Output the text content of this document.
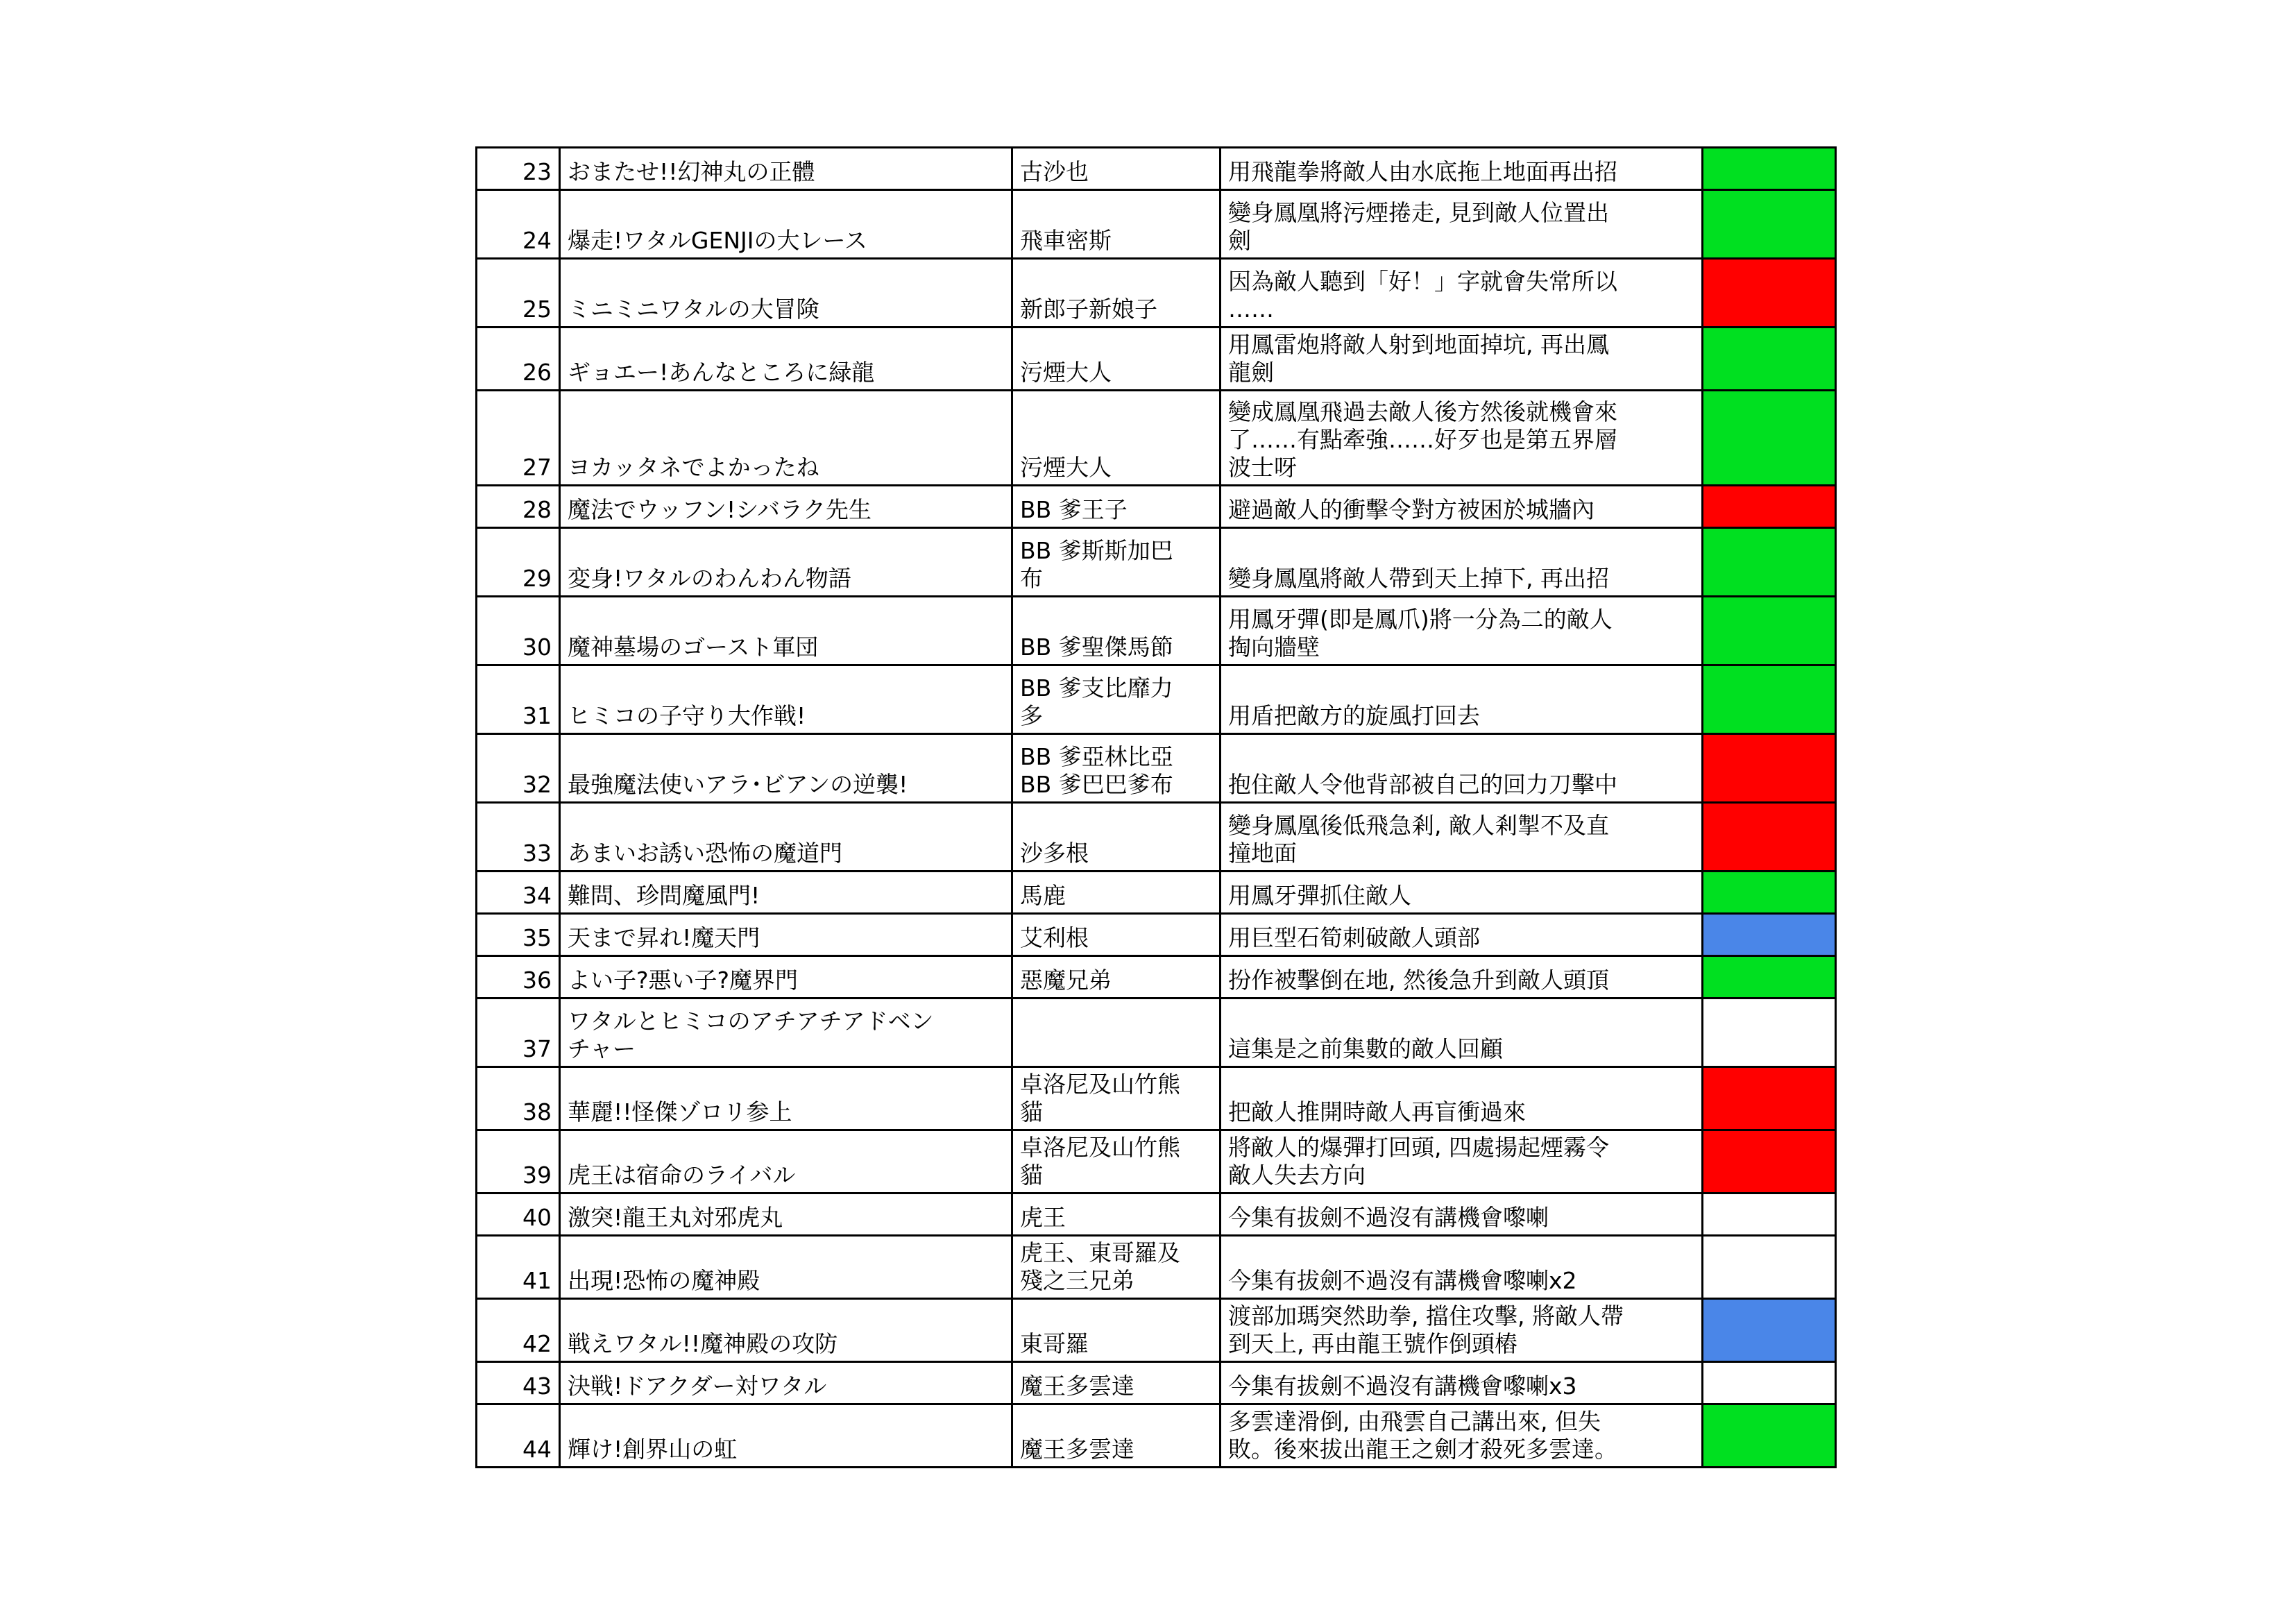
23	おまたせ!!幻神丸の正體	古沙也	用飛龍拳將敵人由水底拖上地面再出招	
24	爆走!ワタルGENJIの大レース	飛車密斯	變身鳳凰將污煙捲走, 見到敵人位置出
劍	
25	ミニミニワタルの大冒険	新郎子新娘子	因為敵人聽到「好！」字就會失常所以
……	
26	ギョエー!あんなところに緑龍	污煙大人	用鳳雷炮將敵人射到地面掉坑, 再出鳳
龍劍	
27	ヨカッタネでよかったね	污煙大人	變成鳳凰飛過去敵人後方然後就機會來
了……有點牽強……好歹也是第五界層
波士呀	
28	魔法でウッフン!シバラク先生	BB 爹王子	避過敵人的衝擊令對方被困於城牆內	
29	変身!ワタルのわんわん物語	BB 爹斯斯加巴
布	變身鳳凰將敵人帶到天上掉下, 再出招	
30	魔神墓場のゴースト軍団	BB 爹聖傑馬節	用鳳牙彈(即是鳳爪)將一分為二的敵人
掏向牆壁	
31	ヒミコの子守り大作戦!	BB 爹支比靡力
多	用盾把敵方的旋風打回去	
32	最強魔法使いアラ･ビアンの逆襲!	BB 爹亞林比亞
BB 爹巴巴爹布	抱住敵人令他背部被自己的回力刀擊中	
33	あまいお誘い恐怖の魔道門	沙多根	變身鳳凰後低飛急剎, 敵人剎掣不及直
撞地面	
34	難問、珍問魔風門!	馬鹿	用鳳牙彈抓住敵人	
35	天まで昇れ!魔天門	艾利根	用巨型石筍刺破敵人頭部	
36	よい子?悪い子?魔界門	惡魔兄弟	扮作被擊倒在地, 然後急升到敵人頭頂	
37	ワタルとヒミコのアチアチアドベン
チャー		這集是之前集數的敵人回顧	
38	華麗!!怪傑ゾロリ参上	卓洛尼及山竹熊
貓	把敵人推開時敵人再盲衝過來	
39	虎王は宿命のライバル	卓洛尼及山竹熊
貓	將敵人的爆彈打回頭, 四處揚起煙霧令
敵人失去方向	
40	激突!龍王丸対邪虎丸	虎王	今集有拔劍不過沒有講機會嚟喇	
41	出現!恐怖の魔神殿	虎王、東哥羅及
殘之三兄弟	今集有拔劍不過沒有講機會嚟喇x2	
42	戦えワタル!!魔神殿の攻防	東哥羅	渡部加瑪突然助拳, 擋住攻擊, 將敵人帶
到天上, 再由龍王號作倒頭樁	
43	決戦!ドアクダー対ワタル	魔王多雲達	今集有拔劍不過沒有講機會嚟喇x3	
44	輝け!創界山の虹	魔王多雲達	多雲達滑倒, 由飛雲自己講出來, 但失
敗。後來拔出龍王之劍才殺死多雲達。	
